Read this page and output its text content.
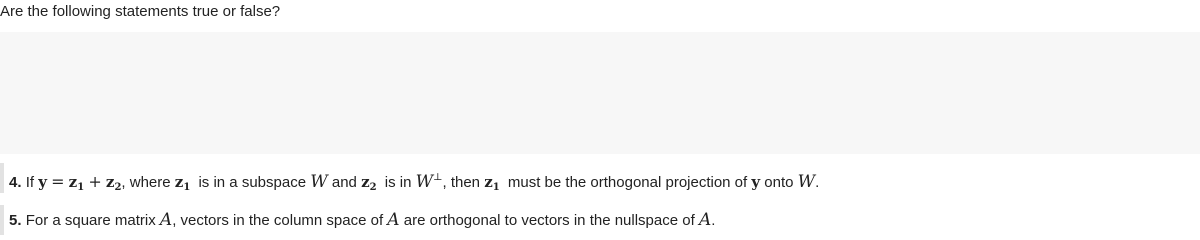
Are the following statements true or false?
4. If $y = z_1 + z_2$, where $z_1$ is in a subspace W and $z_2$ is in W⊥, then $z_1$ must be the orthogonal projection of y onto W.
5. For a square matrix A, vectors in the column space of A are orthogonal to vectors in the nullspace of A.
